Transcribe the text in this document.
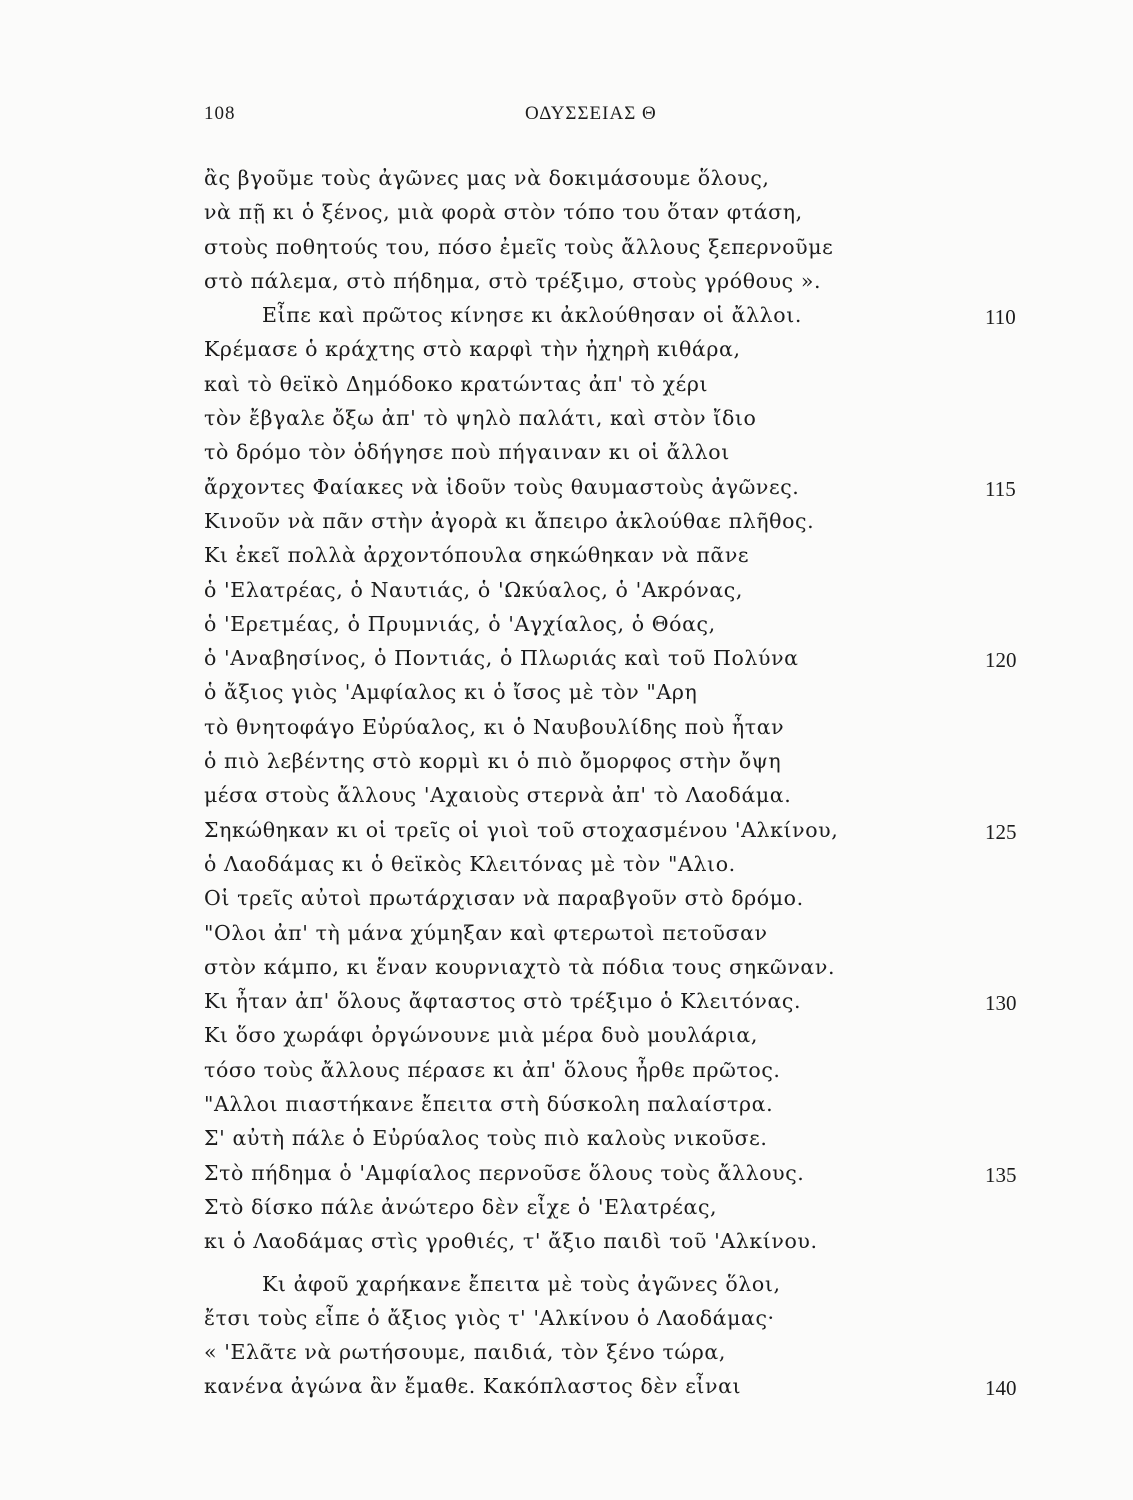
108	ΟΔΥΣΣΕΙΑΣ Θ
ἂς βγοῦμε τοὺς ἀγῶνες μας νὰ δοκιμάσουμε ὅλους,
νὰ πῇ κι ὁ ξένος, μιὰ φορὰ στὸν τόπο του ὅταν φτάση,
στοὺς ποθητούς του, πόσο ἐμεῖς τοὺς ἄλλους ξεπερνοῦμε
στὸ πάλεμα, στὸ πήδημα, στὸ τρέξιμο, στοὺς γρόθους ».
Εἶπε καὶ πρῶτος κίνησε κι ἀκλούθησαν οἱ ἄλλοι.	110
Κρέμασε ὁ κράχτης στὸ καρφὶ τὴν ἠχηρὴ κιθάρα,
καὶ τὸ θεϊκὸ Δημόδοκο κρατώντας ἀπ' τὸ χέρι
τὸν ἔβγαλε ὄξω ἀπ' τὸ ψηλὸ παλάτι, καὶ στὸν ἴδιο
τὸ δρόμο τὸν ὁδήγησε ποὺ πήγαιναν κι οἱ ἄλλοι
ἄρχοντες Φαίακες νὰ ἰδοῦν τοὺς θαυμαστοὺς ἀγῶνες.	115
Κινοῦν νὰ πᾶν στὴν ἀγορὰ κι ἄπειρο ἀκλούθαε πλῆθος.
Κι ἐκεῖ πολλὰ ἀρχοντόπουλα σηκώθηκαν νὰ πᾶνε
ὁ 'Ελατρέας, ὁ Ναυτιάς, ὁ 'Ωκύαλος, ὁ 'Ακρόνας,
ὁ 'Ερετμέας, ὁ Πρυμνιάς, ὁ 'Αγχίαλος, ὁ Θόας,
ὁ 'Αναβησίνος, ὁ Ποντιάς, ὁ Πλωριάς καὶ τοῦ Πολύνα	120
ὁ ἄξιος γιὸς 'Αμφίαλος κι ὁ ἴσος μὲ τὸν "Αρη
τὸ θνητοφάγο Εὐρύαλος, κι ὁ Ναυβουλίδης ποὺ ἦταν
ὁ πιὸ λεβέντης στὸ κορμὶ κι ὁ πιὸ ὄμορφος στὴν ὄψη
μέσα στοὺς ἄλλους 'Αχαιοὺς στερνὰ ἀπ' τὸ Λαοδάμα.
Σηκώθηκαν κι οἱ τρεῖς οἱ γιοὶ τοῦ στοχασμένου 'Αλκίνου,	125
ὁ Λαοδάμας κι ὁ θεϊκὸς Κλειτόνας μὲ τὸν "Αλιο.
Οἱ τρεῖς αὐτοὶ πρωτάρχισαν νὰ παραβγοῦν στὸ δρόμο.
"Ολοι ἀπ' τὴ μάνα χύμηξαν καὶ φτερωτοὶ πετοῦσαν
στὸν κάμπο, κι ἕναν κουρνιαχτὸ τὰ πόδια τους σηκῶναν.
Κι ἦταν ἀπ' ὅλους ἄφταστος στὸ τρέξιμο ὁ Κλειτόνας.	130
Κι ὅσο χωράφι ὀργώνουνε μιὰ μέρα δυὸ μουλάρια,
τόσο τοὺς ἄλλους πέρασε κι ἀπ' ὅλους ἦρθε πρῶτος.
"Αλλοι πιαστήκανε ἔπειτα στὴ δύσκολη παλαίστρα.
Σ' αὐτὴ πάλε ὁ Εὐρύαλος τοὺς πιὸ καλοὺς νικοῦσε.
Στὸ πήδημα ὁ 'Αμφίαλος περνοῦσε ὅλους τοὺς ἄλλους.	135
Στὸ δίσκο πάλε ἀνώτερο δὲν εἶχε ὁ 'Ελατρέας,
κι ὁ Λαοδάμας στὶς γροθιές, τ' ἄξιο παιδὶ τοῦ 'Αλκίνου.
Κι ἀφοῦ χαρήκανε ἔπειτα μὲ τοὺς ἀγῶνες ὅλοι,
ἔτσι τοὺς εἶπε ὁ ἄξιος γιὸς τ' 'Αλκίνου ὁ Λαοδάμας·
« 'Ελᾶτε νὰ ρωτήσουμε, παιδιά, τὸν ξένο τώρα,
κανένα ἀγώνα ἂν ἔμαθε. Κακόπλαστος δὲν εἶναι	140
